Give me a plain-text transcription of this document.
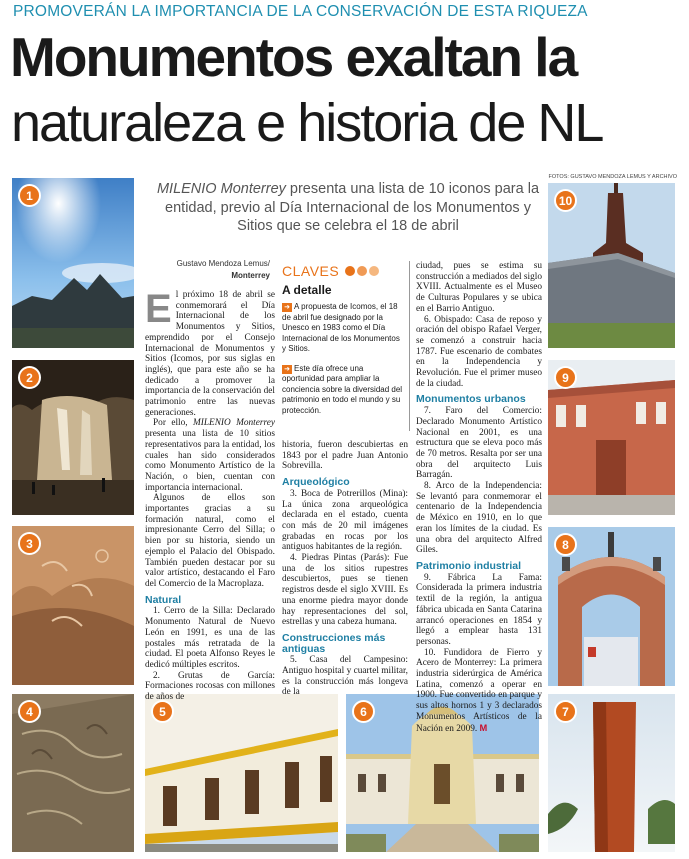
PROMOVERÁN LA IMPORTANCIA DE LA CONSERVACIÓN DE ESTA RIQUEZA
Monumentos exaltan la
naturaleza e historia de NL
FOTOS: GUSTAVO MENDOZA LEMUS Y ARCHIVO
1
2
3
4	5	6	7
8
9
10
MILENIO Monterrey presenta una lista de 10 iconos para la entidad, previo al Día Internacional de los Monumentos y Sitios que se celebra el 18 de abril
Gustavo Mendoza Lemus/
Monterrey

El próximo 18 de abril se conmemorará el Día Internacional de los Monumentos y Sitios, emprendido por el Consejo Internacional de Monumentos y Sitios (Icomos, por sus siglas en inglés), que para este año se ha dedicado a promover la importancia de la conservación del patrimonio entre las nuevas generaciones.

Por ello, MILENIO Monterrey presenta una lista de 10 sitios representativos para la entidad, los cuales han sido considerados como Monumento Artístico de la Nación, o bien, cuentan con importancia internacional.

Algunos de ellos son importantes gracias a su formación natural, como el impresionante Cerro del Silla; o bien por su historia, siendo un ejemplo el Palacio del Obispado. También pueden destacar por su valor artístico, destacando el Faro del Comercio de la Macroplaza.

Natural

1. Cerro de la Silla: Declarado Monumento Natural de Nuevo León en 1991, es una de las postales más retratada de la ciudad. El poeta Alfonso Reyes le dedicó múltiples escritos.

2. Grutas de García: Formaciones rocosas con millones de años de

CLAVES
A detalle

➜ A propuesta de Icomos, el 18 de abril fue designado por la Unesco en 1983 como el Día Internacional de los Monumentos y Sitios.

➜ Este día ofrece una oportunidad para ampliar la conciencia sobre la diversidad del patrimonio en todo el mundo y su protección.

historia, fueron descubiertas en 1843 por el padre Juan Antonio Sobrevilla.

Arqueológico

3. Boca de Potrerillos (Mina): La única zona arqueológica declarada en el estado, cuenta con más de 20 mil imágenes grabadas en rocas por los antiguos habitantes de la región.

4. Piedras Pintas (Parás): Fue una de los sitios rupestres descubiertos, pues se tienen registros desde el siglo XVIII. Es una enorme piedra mayor donde hay representaciones del sol, estrellas y una cabeza humana.

Construcciones más antiguas

5. Casa del Campesino: Antiguo hospital y cuartel militar, es la construcción más longeva de la

ciudad, pues se estima su construcción a mediados del siglo XVIII. Actualmente es el Museo de Culturas Populares y se ubica en el Barrio Antiguo.

6. Obispado: Casa de reposo y oración del obispo Rafael Verger, se comenzó a construir hacia 1787. Fue escenario de combates en la Independencia y Revolución. Fue el primer museo de la ciudad.

Monumentos urbanos

7. Faro del Comercio: Declarado Monumento Artístico Nacional en 2001, es una estructura que se eleva poco más de 70 metros. Resalta por ser una obra del arquitecto Luis Barragán.

8. Arco de la Independencia: Se levantó para conmemorar el centenario de la Independencia de México en 1910, en lo que eran los límites de la ciudad. Es una obra del arquitecto Alfred Giles.

Patrimonio industrial

9. Fábrica La Fama: Considerada la primera industria textil de la región, la antigua fábrica ubicada en Santa Catarina arrancó operaciones en 1854 y llegó a emplear hasta 131 personas.

10. Fundidora de Fierro y Acero de Monterrey: La primera industria siderúrgica de América Latina, comenzó a operar en 1900. Fue convertido en parque y sus altos hornos 1 y 3 declarados Monumentos Artísticos de la Nación en 2009. M
